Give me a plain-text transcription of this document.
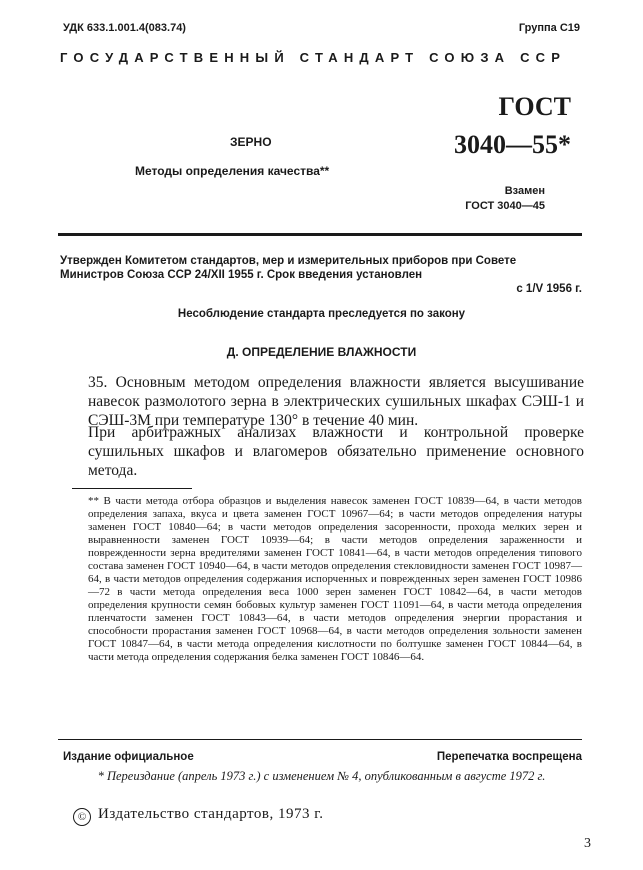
УДК 633.1.001.4(083.74)	Группа С19
ГОСУДАРСТВЕННЫЙ СТАНДАРТ СОЮЗА ССР
ГОСТ
3040—55*
ЗЕРНО
Методы определения качества**
Взамен
ГОСТ 3040—45
Утвержден Комитетом стандартов, мер и измерительных приборов при Совете Министров Союза ССР 24/XII 1955 г. Срок введения установлен
с 1/V 1956 г.
Несоблюдение стандарта преследуется по закону
Д. ОПРЕДЕЛЕНИЕ ВЛАЖНОСТИ
35. Основным методом определения влажности является высушивание навесок размолотого зерна в электрических сушильных шкафах СЭШ-1 и СЭШ-3М при температуре 130° в течение 40 мин.
При арбитражных анализах влажности и контрольной проверке сушильных шкафов и влагомеров обязательно применение основного метода.
** В части метода отбора образцов и выделения навесок заменен ГОСТ 10839—64, в части методов определения запаха, вкуса и цвета заменен ГОСТ 10967—64; в части методов определения натуры заменен ГОСТ 10840—64; в части методов определения засоренности, прохода мелких зерен и выравненности заменен ГОСТ 10939—64; в части методов определения зараженности и поврежденности зерна вредителями заменен ГОСТ 10841—64, в части методов определения типового состава заменен ГОСТ 10940—64, в части методов определения стекловидности заменен ГОСТ 10987—64, в части методов определения содержания испорченных и поврежденных зерен заменен ГОСТ 10986—72 в части метода определения веса 1000 зерен заменен ГОСТ 10842—64, в части методов определения крупности семян бобовых культур заменен ГОСТ 11091—64, в части метода определения пленчатости заменен ГОСТ 10843—64, в части методов определения энергии прорастания и способности прорастания заменен ГОСТ 10968—64, в части методов определения зольности заменен ГОСТ 10847—64, в части метода определения кислотности по болтушке заменен ГОСТ 10844—64, в части метода определения содержания белка заменен ГОСТ 10846—64.
Издание официальное	Перепечатка воспрещена
* Переиздание (апрель 1973 г.) с изменением № 4, опубликованным в августе 1972 г.
© Издательство стандартов, 1973 г.
3
